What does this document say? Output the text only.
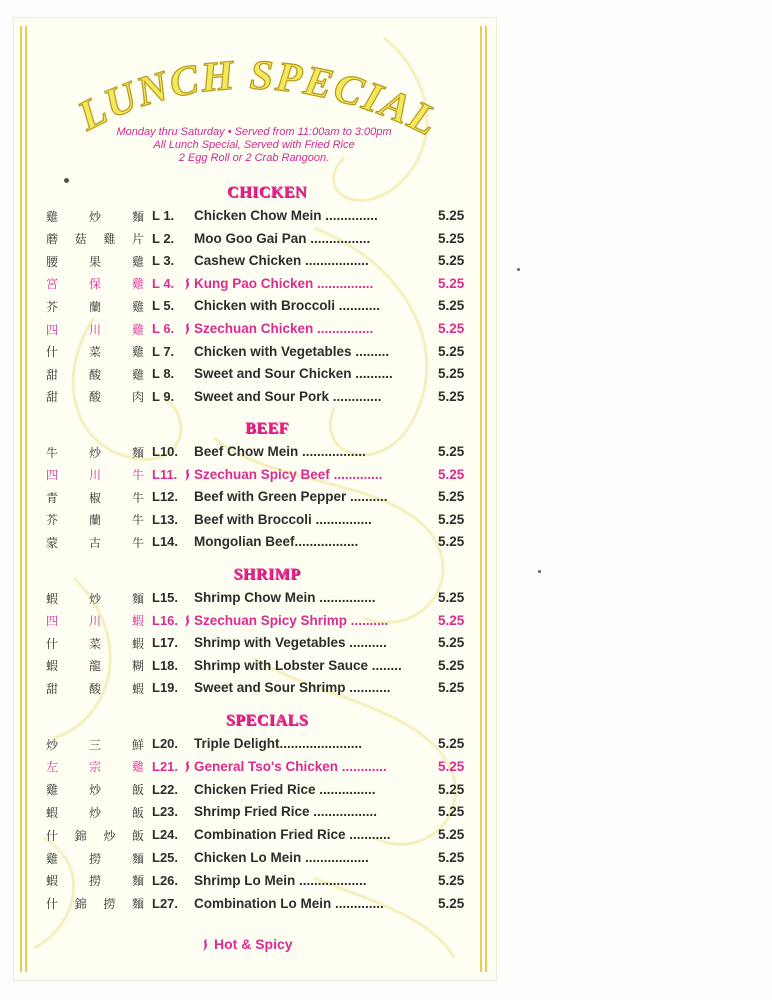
LUNCH SPECIAL
Monday thru Saturday • Served from 11:00am to 3:00pm
All Lunch Special, Served with Fried Rice
2 Egg Roll or 2 Crab Rangoon.
CHICKEN
雞	炒	麵 L 1. Chicken Chow Mein ..............	5.25
蘑 菇 雞 片 L 2. Moo Goo Gai Pan ................	5.25
腰	果	雞 L 3. Cashew Chicken .................	5.25
宮	保	雞 L 4. Kung Pao Chicken ...............	5.25
芥	蘭	雞 L 5. Chicken with Broccoli ...........	5.25
四	川	雞 L 6. Szechuan Chicken ...............	5.25
什	菜	雞 L 7. Chicken with Vegetables .........	5.25
甜	酸	雞 L 8. Sweet and Sour Chicken ..........	5.25
甜	酸	肉 L 9. Sweet and Sour Pork .............	5.25
BEEF
牛	炒	麵 L10. Beef Chow Mein .................	5.25
四	川	牛 L11. Szechuan Spicy Beef .............	5.25
青	椒	牛 L12. Beef with Green Pepper ..........	5.25
芥	蘭	牛 L13. Beef with Broccoli ...............	5.25
蒙	古	牛 L14. Mongolian Beef.................	5.25
SHRIMP
蝦	炒	麵 L15. Shrimp Chow Mein ...............	5.25
四	川	蝦 L16. Szechuan Spicy Shrimp ..........	5.25
什	菜	蝦 L17. Shrimp with Vegetables ..........	5.25
蝦	龍	糊 L18. Shrimp with Lobster Sauce ........	5.25
甜	酸	蝦 L19. Sweet and Sour Shrimp ...........	5.25
SPECIALS
炒	三	鮮 L20. Triple Delight......................	5.25
左	宗	雞 L21. General Tso's Chicken ............	5.25
雞	炒	飯 L22. Chicken Fried Rice ...............	5.25
蝦	炒	飯 L23. Shrimp Fried Rice .................	5.25
什 錦 炒 飯 L24. Combination Fried Rice ...........	5.25
雞	撈	麵 L25. Chicken Lo Mein .................	5.25
蝦	撈	麵 L26. Shrimp Lo Mein ..................	5.25
什 錦 撈 麵 L27. Combination Lo Mein .............	5.25
Hot & Spicy
